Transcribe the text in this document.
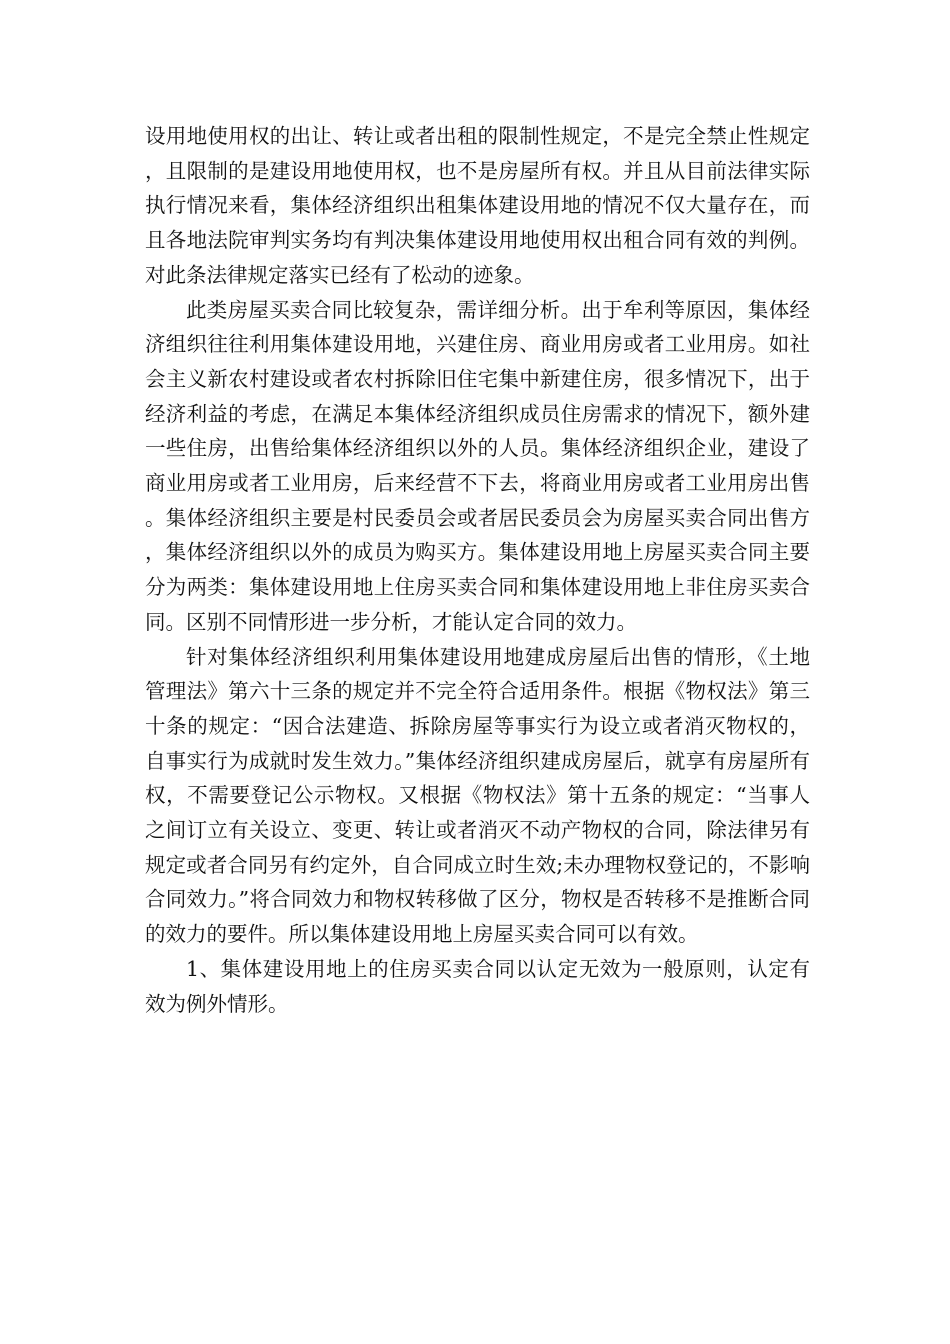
设用地使用权的出让、转让或者出租的限制性规定，不是完全禁止性规定，且限制的是建设用地使用权，也不是房屋所有权。并且从目前法律实际执行情况来看，集体经济组织出租集体建设用地的情况不仅大量存在，而且各地法院审判实务均有判决集体建设用地使用权出租合同有效的判例。对此条法律规定落实已经有了松动的迹象。

此类房屋买卖合同比较复杂，需详细分析。出于牟利等原因，集体经济组织往往利用集体建设用地，兴建住房、商业用房或者工业用房。如社会主义新农村建设或者农村拆除旧住宅集中新建住房，很多情况下，出于经济利益的考虑，在满足本集体经济组织成员住房需求的情况下，额外建一些住房，出售给集体经济组织以外的人员。集体经济组织企业，建设了商业用房或者工业用房，后来经营不下去，将商业用房或者工业用房出售。集体经济组织主要是村民委员会或者居民委员会为房屋买卖合同出售方，集体经济组织以外的成员为购买方。集体建设用地上房屋买卖合同主要分为两类：集体建设用地上住房买卖合同和集体建设用地上非住房买卖合同。区别不同情形进一步分析，才能认定合同的效力。

针对集体经济组织利用集体建设用地建成房屋后出售的情形，《土地管理法》第六十三条的规定并不完全符合适用条件。根据《物权法》第三十条的规定：“因合法建造、拆除房屋等事实行为设立或者消灭物权的，自事实行为成就时发生效力。”集体经济组织建成房屋后，就享有房屋所有权，不需要登记公示物权。又根据《物权法》第十五条的规定：“当事人之间订立有关设立、变更、转让或者消灭不动产物权的合同，除法律另有规定或者合同另有约定外，自合同成立时生效;未办理物权登记的，不影响合同效力。”将合同效力和物权转移做了区分，物权是否转移不是推断合同的效力的要件。所以集体建设用地上房屋买卖合同可以有效。

1、集体建设用地上的住房买卖合同以认定无效为一般原则，认定有效为例外情形。
